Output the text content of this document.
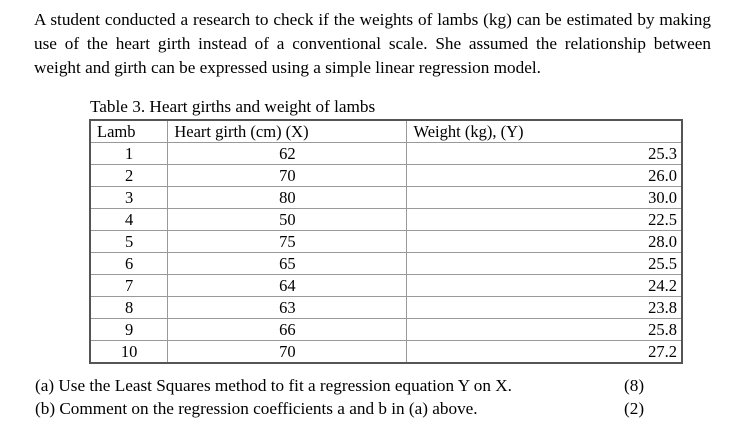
A student conducted a research to check if the weights of lambs (kg) can be estimated by making use of the heart girth instead of a conventional scale. She assumed the relationship between weight and girth can be expressed using a simple linear regression model.

Table 3. Heart girths and weight of lambs

Lamb	Heart girth (cm) (X)	Weight (kg), (Y)
1	62	25.3
2	70	26.0
3	80	30.0
4	50	22.5
5	75	28.0
6	65	25.5
7	64	24.2
8	63	23.8
9	66	25.8
10	70	27.2

(a) Use the Least Squares method to fit a regression equation Y on X.	(8)

(b) Comment on the regression coefficients a and b in (a) above.	(2)
